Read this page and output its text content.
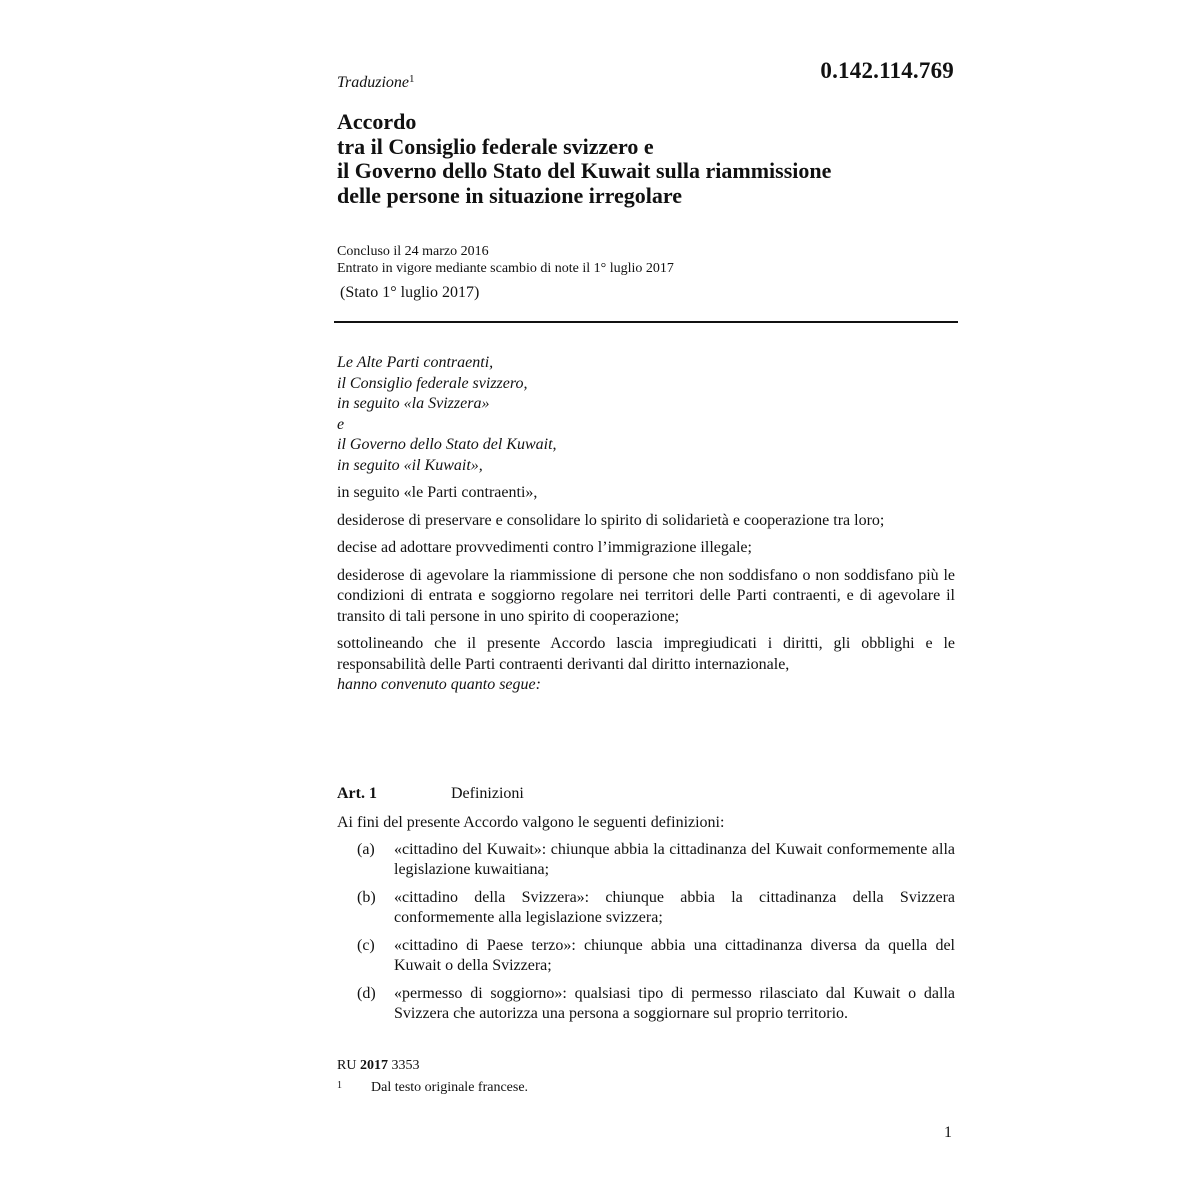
Traduzione$^1$	0.142.114.769
Accordo
tra il Consiglio federale svizzero e
il Governo dello Stato del Kuwait sulla riammissione
delle persone in situazione irregolare
Concluso il 24 marzo 2016
Entrato in vigore mediante scambio di note il 1° luglio 2017
(Stato 1° luglio 2017)
Le Alte Parti contraenti,
il Consiglio federale svizzero,
in seguito «la Svizzera»
e
il Governo dello Stato del Kuwait,
in seguito «il Kuwait»,

in seguito «le Parti contraenti»,

desiderose di preservare e consolidare lo spirito di solidarietà e cooperazione tra loro;

decise ad adottare provvedimenti contro l’immigrazione illegale;

desiderose di agevolare la riammissione di persone che non soddisfano o non soddisfano più le condizioni di entrata e soggiorno regolare nei territori delle Parti contraenti, e di agevolare il transito di tali persone in uno spirito di cooperazione;

sottolineando che il presente Accordo lascia impregiudicati i diritti, gli obblighi e le responsabilità delle Parti contraenti derivanti dal diritto internazionale,

hanno convenuto quanto segue:

Art. 1	Definizioni

Ai fini del presente Accordo valgono le seguenti definizioni:

(a) «cittadino del Kuwait»: chiunque abbia la cittadinanza del Kuwait conformemente alla legislazione kuwaitiana;
(b) «cittadino della Svizzera»: chiunque abbia la cittadinanza della Svizzera conformemente alla legislazione svizzera;
(c) «cittadino di Paese terzo»: chiunque abbia una cittadinanza diversa da quella del Kuwait o della Svizzera;
(d) «permesso di soggiorno»: qualsiasi tipo di permesso rilasciato dal Kuwait o dalla Svizzera che autorizza una persona a soggiornare sul proprio territorio.
RU 2017 3353
1 Dal testo originale francese.
1
